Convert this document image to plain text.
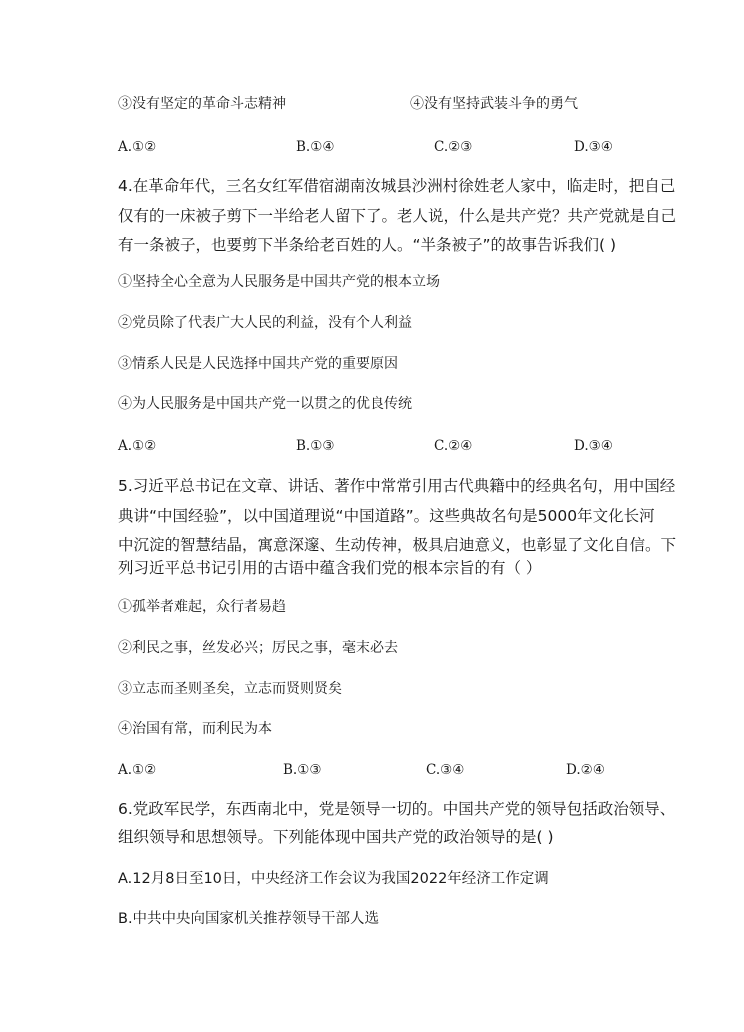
③没有坚定的革命斗志精神	④没有坚持武装斗争的勇气
A.①②	B.①④	C.②③	D.③④
4.在革命年代，三名女红军借宿湖南汝城县沙洲村徐姓老人家中，临走时，把自己
仅有的一床被子剪下一半给老人留下了。老人说，什么是共产党？共产党就是自己
有一条被子，也要剪下半条给老百姓的人。“半条被子”的故事告诉我们( )
①坚持全心全意为人民服务是中国共产党的根本立场
②党员除了代表广大人民的利益，没有个人利益
③情系人民是人民选择中国共产党的重要原因
④为人民服务是中国共产党一以贯之的优良传统
A.①②	B.①③	C.②④	D.③④
5.习近平总书记在文章、讲话、著作中常常引用古代典籍中的经典名句，用中国经
典讲“中国经验”，以中国道理说“中国道路”。这些典故名句是5000年文化长河
中沉淀的智慧结晶，寓意深邃、生动传神，极具启迪意义，也彰显了文化自信。下
列习近平总书记引用的古语中蕴含我们党的根本宗旨的有（ ）
①孤举者难起，众行者易趋
②利民之事，丝发必兴；厉民之事，毫末必去
③立志而圣则圣矣，立志而贤则贤矣
④治国有常，而利民为本
A.①②	B.①③	C.③④	D.②④
6.党政军民学，东西南北中，党是领导一切的。中国共产党的领导包括政治领导、
组织领导和思想领导。下列能体现中国共产党的政治领导的是( )
A.12月8日至10日，中央经济工作会议为我国2022年经济工作定调
B.中共中央向国家机关推荐领导干部人选
